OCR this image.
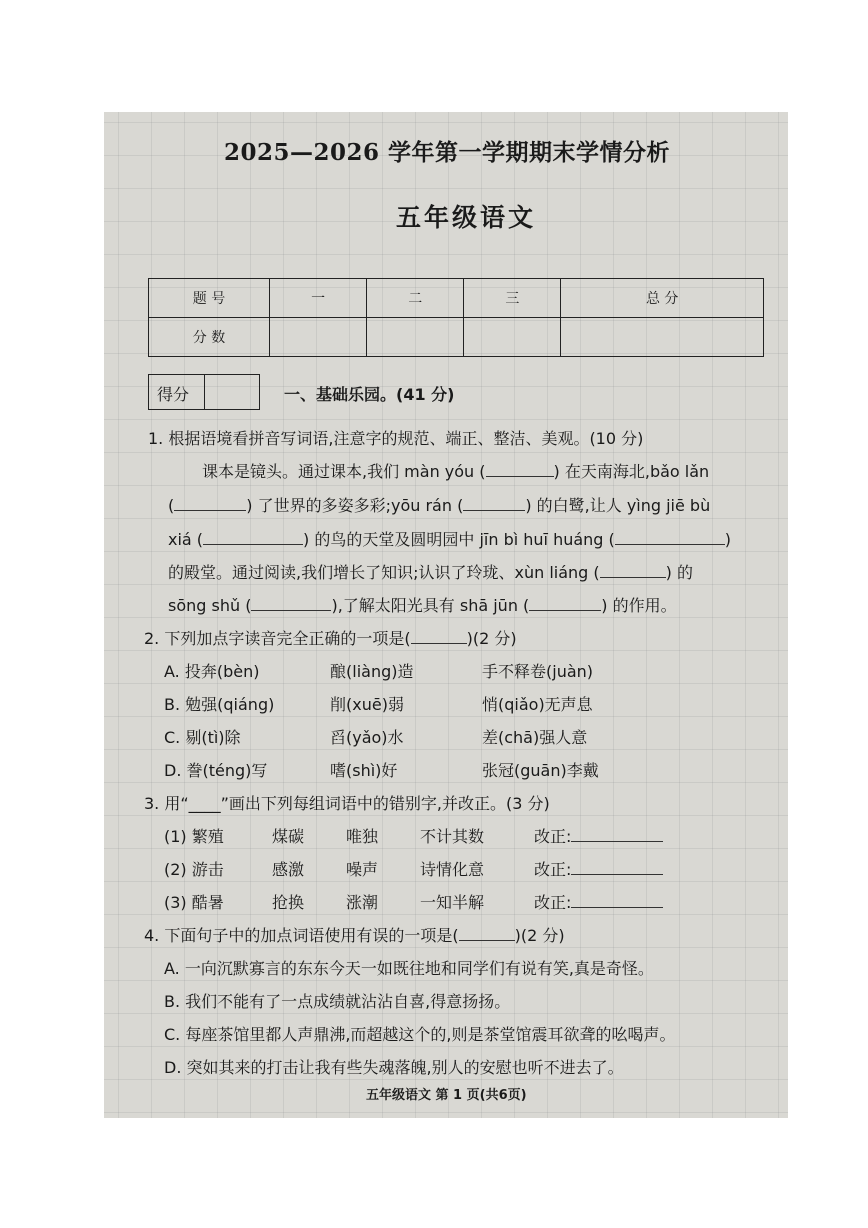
2025—2026 学年第一学期期末学情分析
五年级语文
题 号	一	二	三	总 分
分 数				
得分	一、基础乐园。(41 分)
1. 根据语境看拼音写词语,注意字的规范、端正、整洁、美观。(10 分)
课本是镜头。通过课本,我们 màn yóu (	) 在天南海北,bǎo lǎn
(	) 了世界的多姿多彩;yōu rán (	) 的白鹭,让人 yìng jiē bù
xiá (	) 的鸟的天堂及圆明园中 jīn bì huī huáng (	)
的殿堂。通过阅读,我们增长了知识;认识了玲珑、xùn liáng (	) 的
sōng shǔ (	),了解太阳光具有 shā jūn (	) 的作用。
2. 下列加点字读音完全正确的一项是(	)(2 分)
A. 投奔(bèn)	酿(liàng)造	手不释卷(juàn)
B. 勉强(qiáng)	削(xuē)弱	悄(qiǎo)无声息
C. 剔(tì)除	舀(yǎo)水	差(chā)强人意
D. 誊(téng)写	嗜(shì)好	张冠(guān)李戴
3. 用“____”画出下列每组词语中的错别字,并改正。(3 分)
(1) 繁殖	煤碳	唯独	不计其数	改正:
(2) 游击	感激	噪声	诗情化意	改正:
(3) 酷暑	抢换	涨潮	一知半解	改正:
4. 下面句子中的加点词语使用有误的一项是(	)(2 分)
A. 一向沉默寡言的东东今天一如既往地和同学们有说有笑,真是奇怪。
B. 我们不能有了一点成绩就沾沾自喜,得意扬扬。
C. 每座茶馆里都人声鼎沸,而超越这个的,则是茶堂馆震耳欲聋的吆喝声。
D. 突如其来的打击让我有些失魂落魄,别人的安慰也听不进去了。
五年级语文 第 1 页(共6页)
